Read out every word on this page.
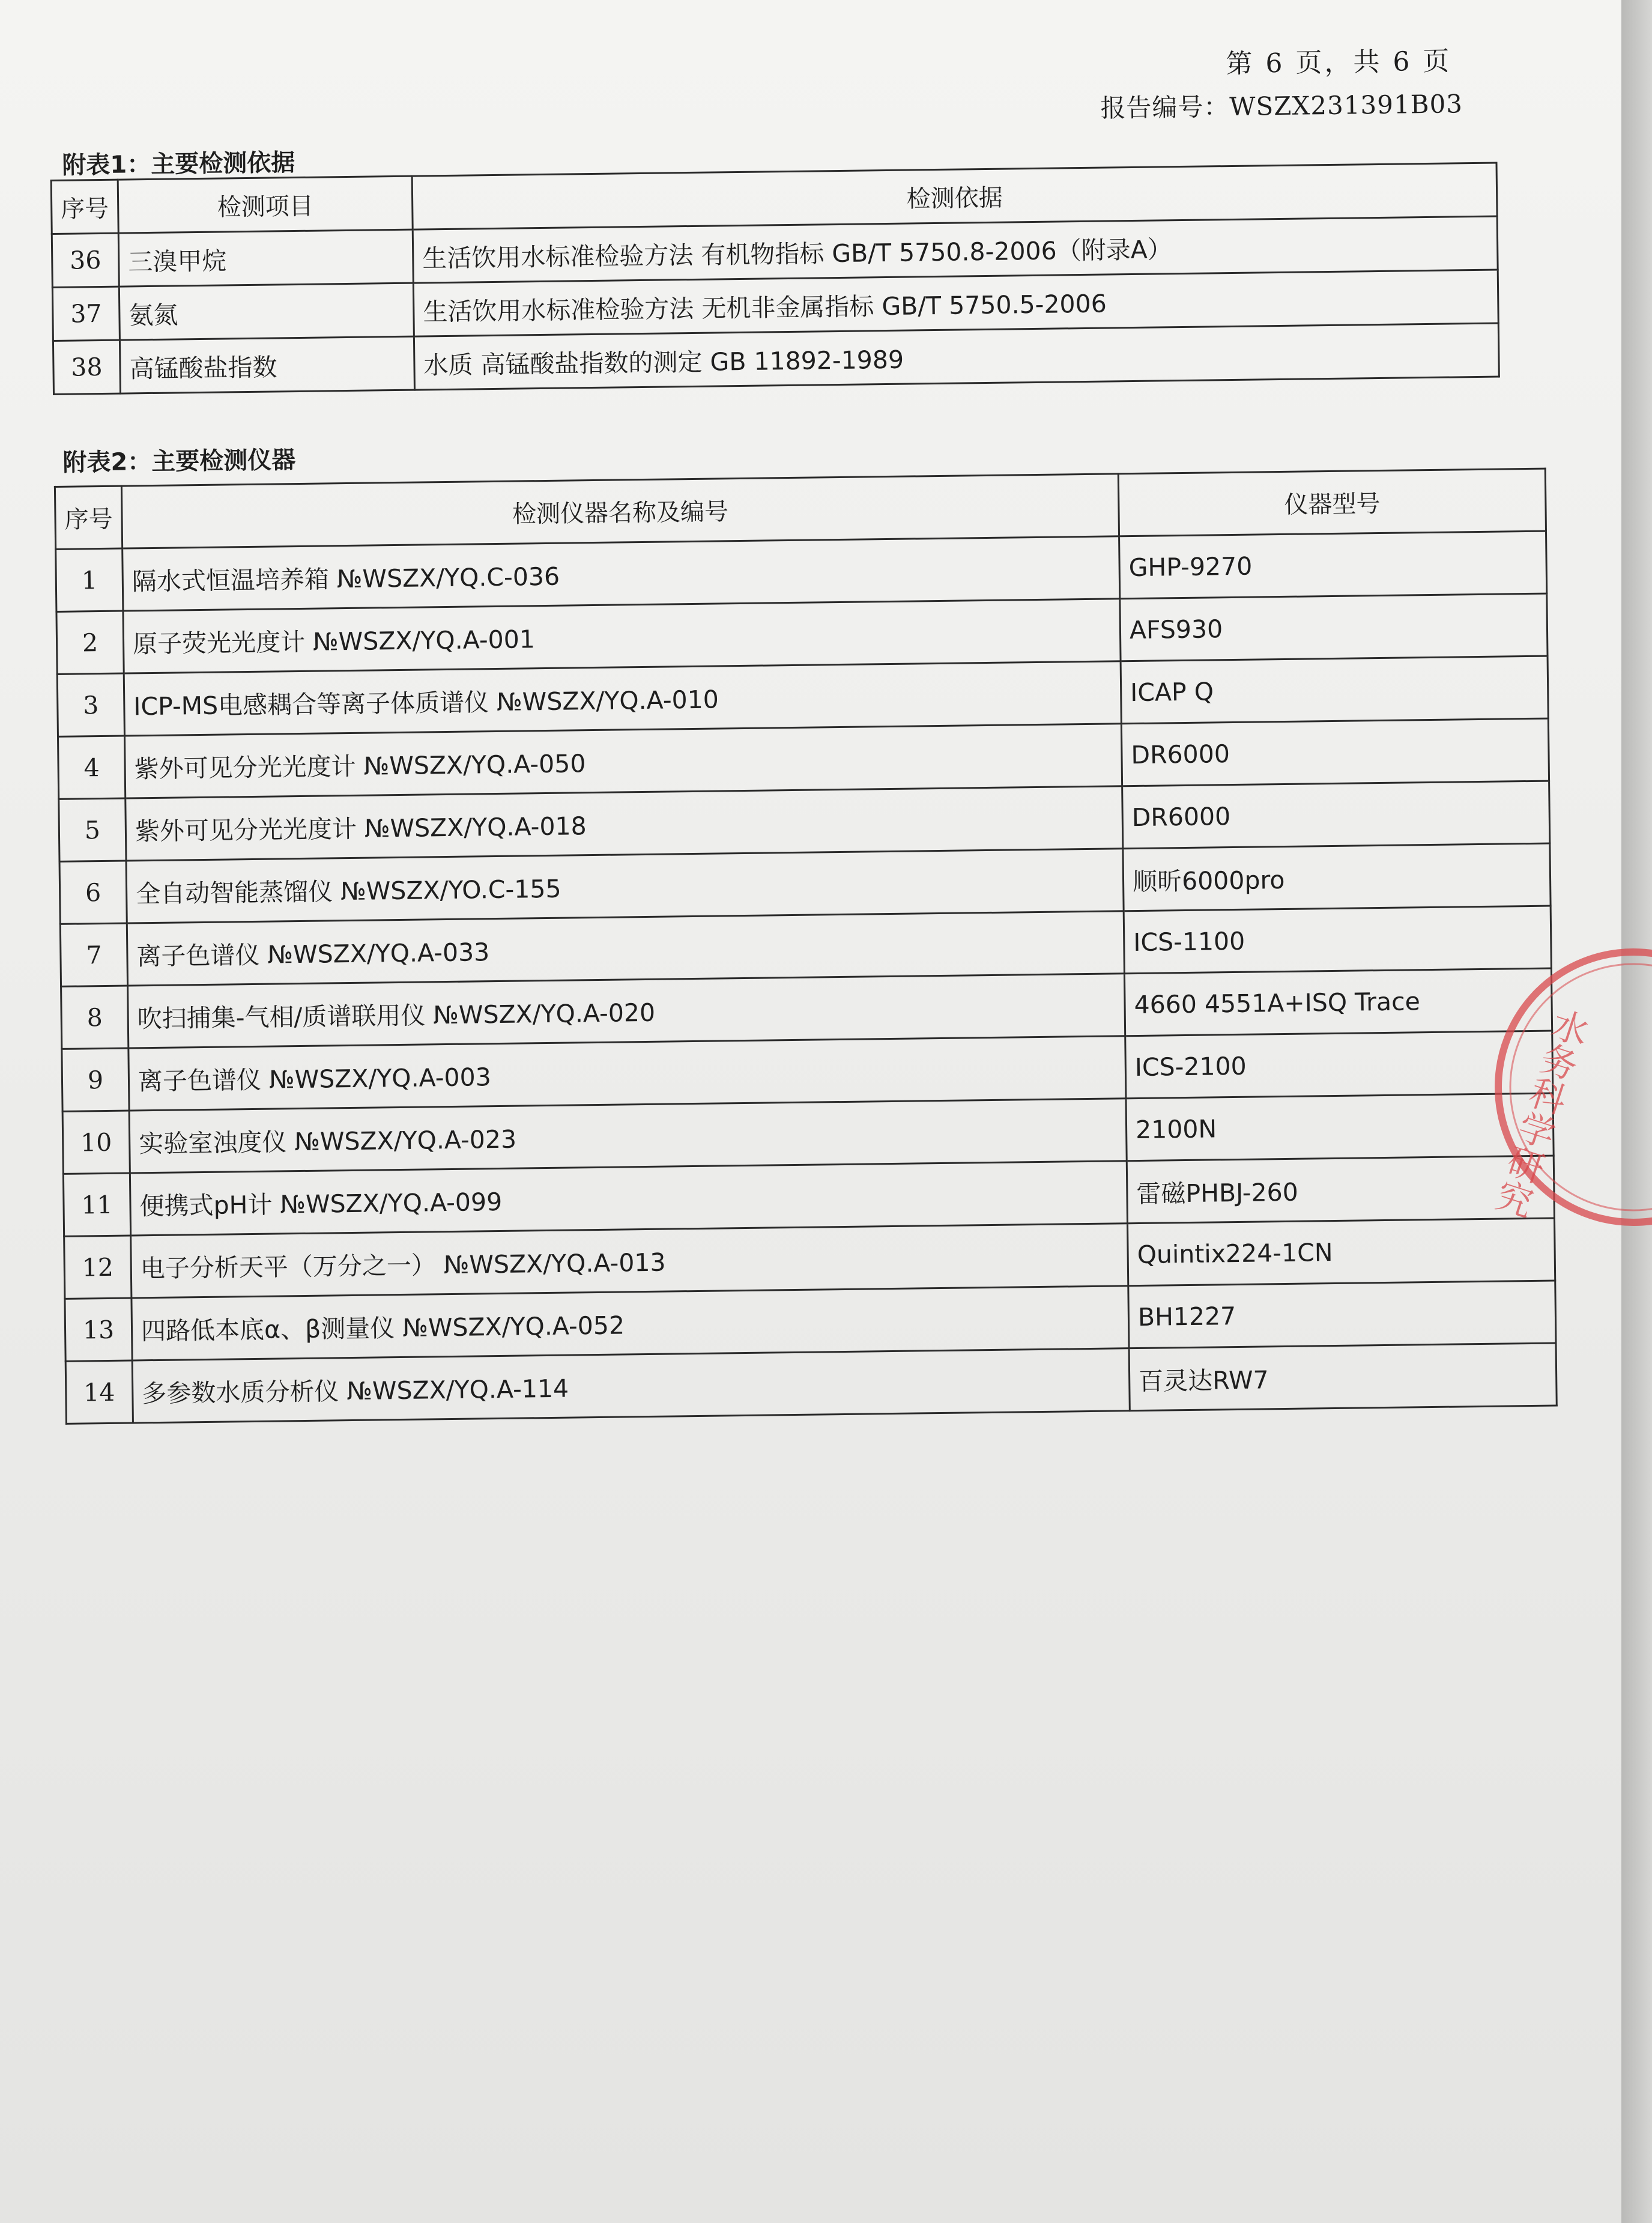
第 6 页，共 6 页
报告编号：WSZX231391B03
附表1：主要检测依据
序号	检测项目	检测依据
36	三溴甲烷	生活饮用水标准检验方法 有机物指标 GB/T 5750.8-2006（附录A）
37	氨氮	生活饮用水标准检验方法 无机非金属指标 GB/T 5750.5-2006
38	高锰酸盐指数	水质 高锰酸盐指数的测定 GB 11892-1989
附表2：主要检测仪器
序号	检测仪器名称及编号	仪器型号
1	隔水式恒温培养箱 №WSZX/YQ.C-036	GHP-9270
2	原子荧光光度计 №WSZX/YQ.A-001	AFS930
3	ICP-MS电感耦合等离子体质谱仪 №WSZX/YQ.A-010	ICAP Q
4	紫外可见分光光度计 №WSZX/YQ.A-050	DR6000
5	紫外可见分光光度计 №WSZX/YQ.A-018	DR6000
6	全自动智能蒸馏仪 №WSZX/YO.C-155	顺昕6000pro
7	离子色谱仪 №WSZX/YQ.A-033	ICS-1100
8	吹扫捕集-气相/质谱联用仪 №WSZX/YQ.A-020	4660 4551A+ISQ Trace
9	离子色谱仪 №WSZX/YQ.A-003	ICS-2100
10	实验室浊度仪 №WSZX/YQ.A-023	2100N
11	便携式pH计 №WSZX/YQ.A-099	雷磁PHBJ-260
12	电子分析天平（万分之一） №WSZX/YQ.A-013	Quintix224-1CN
13	四路低本底α、β测量仪 №WSZX/YQ.A-052	BH1227
14	多参数水质分析仪 №WSZX/YQ.A-114	百灵达RW7
水务科学研究
